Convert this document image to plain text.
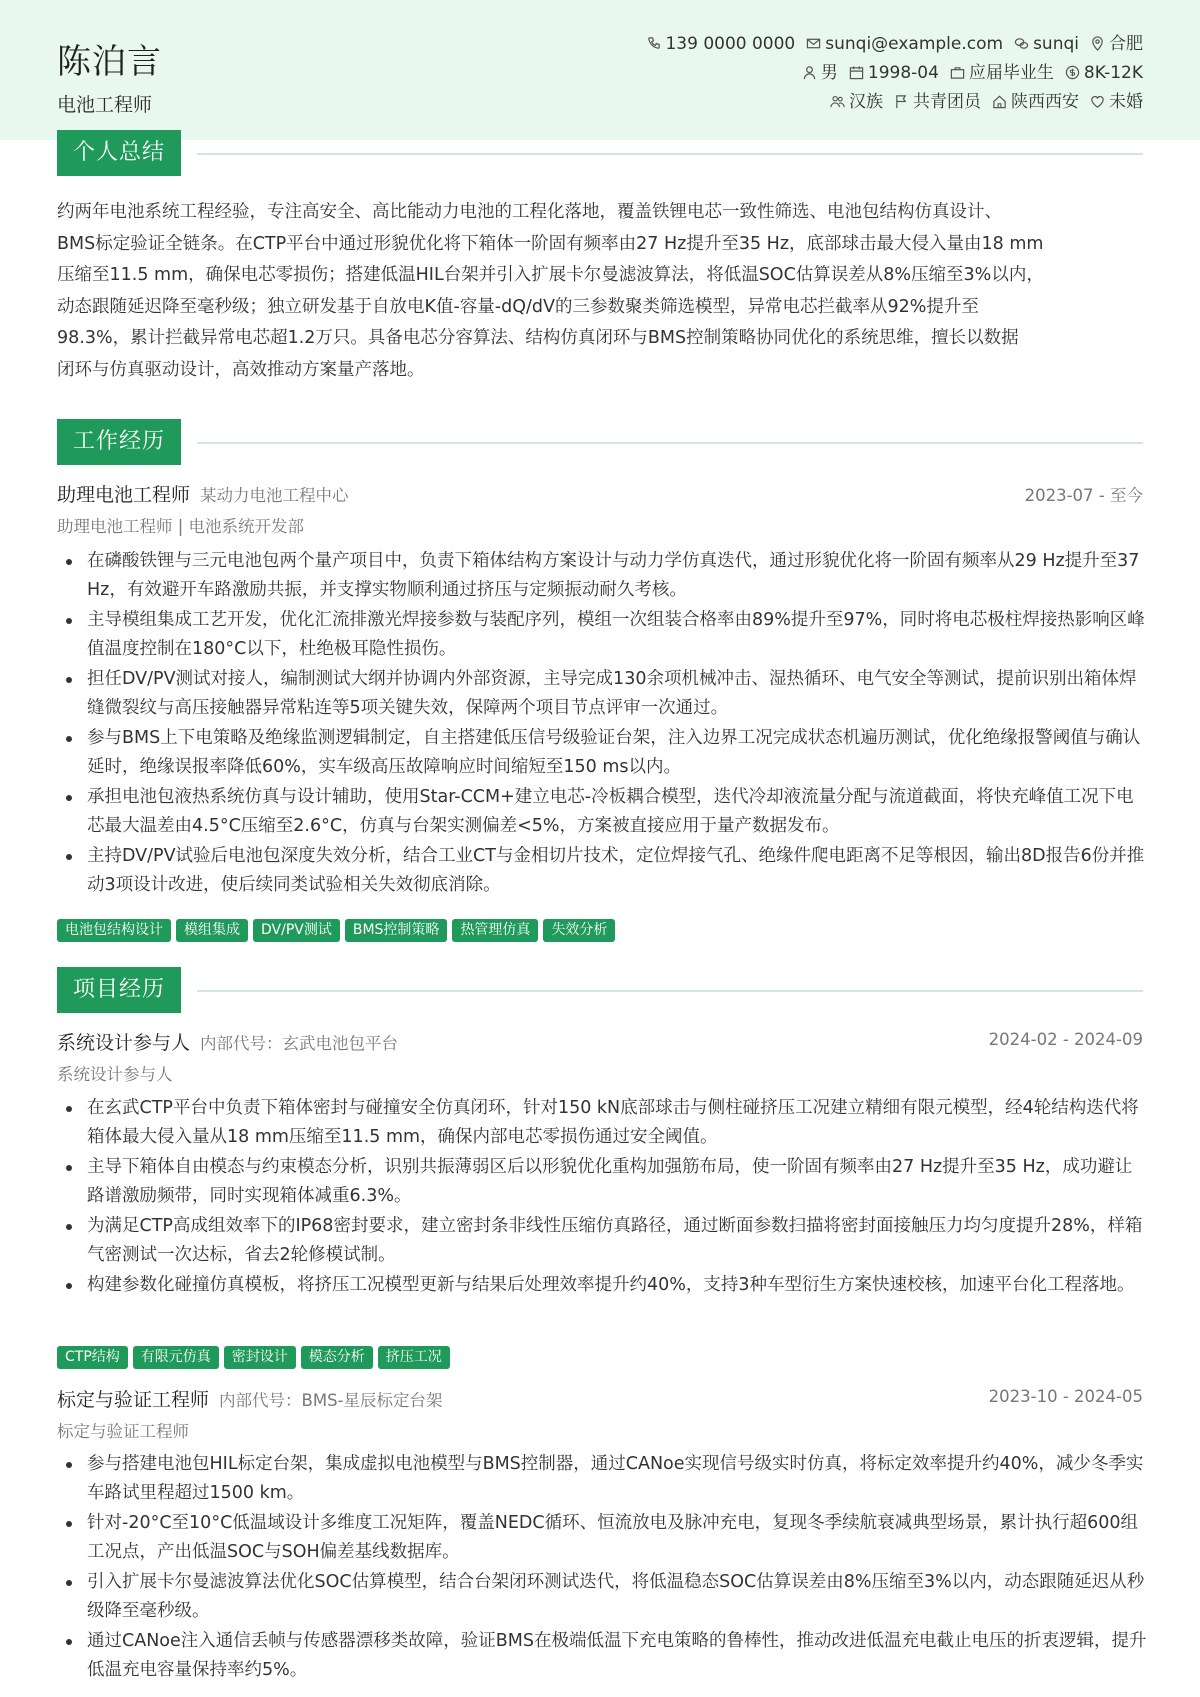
陈泊言
电池工程师
139 0000 0000 sunqi@example.com sunqi 合肥
男 1998-04 应届毕业生 8K-12K
汉族 共青团员 陕西西安 未婚
个人总结
约两年电池系统工程经验，专注高安全、高比能动力电池的工程化落地，覆盖铁锂电芯一致性筛选、电池包结构仿真设计、
BMS标定验证全链条。在CTP平台中通过形貌优化将下箱体一阶固有频率由27 Hz提升至35 Hz，底部球击最大侵入量由18 mm
压缩至11.5 mm，确保电芯零损伤；搭建低温HIL台架并引入扩展卡尔曼滤波算法，将低温SOC估算误差从8%压缩至3%以内，
动态跟随延迟降至毫秒级；独立研发基于自放电K值-容量-dQ/dV的三参数聚类筛选模型，异常电芯拦截率从92%提升至
98.3%，累计拦截异常电芯超1.2万只。具备电芯分容算法、结构仿真闭环与BMS控制策略协同优化的系统思维，擅长以数据
闭环与仿真驱动设计，高效推动方案量产落地。
工作经历
助理电池工程师 某动力电池工程中心	2023-07 - 至今
助理电池工程师 | 电池系统开发部
在磷酸铁锂与三元电池包两个量产项目中，负责下箱体结构方案设计与动力学仿真迭代，通过形貌优化将一阶固有频率从29 Hz提升至37 Hz，有效避开车路激励共振，并支撑实物顺利通过挤压与定频振动耐久考核。
主导模组集成工艺开发，优化汇流排激光焊接参数与装配序列，模组一次组装合格率由89%提升至97%，同时将电芯极柱焊接热影响区峰值温度控制在180°C以下，杜绝极耳隐性损伤。
担任DV/PV测试对接人，编制测试大纲并协调内外部资源，主导完成130余项机械冲击、湿热循环、电气安全等测试，提前识别出箱体焊缝微裂纹与高压接触器异常粘连等5项关键失效，保障两个项目节点评审一次通过。
参与BMS上下电策略及绝缘监测逻辑制定，自主搭建低压信号级验证台架，注入边界工况完成状态机遍历测试，优化绝缘报警阈值与确认延时，绝缘误报率降低60%，实车级高压故障响应时间缩短至150 ms以内。
承担电池包液热系统仿真与设计辅助，使用Star-CCM+建立电芯-冷板耦合模型，迭代冷却液流量分配与流道截面，将快充峰值工况下电芯最大温差由4.5°C压缩至2.6°C，仿真与台架实测偏差<5%，方案被直接应用于量产数据发布。
主持DV/PV试验后电池包深度失效分析，结合工业CT与金相切片技术，定位焊接气孔、绝缘件爬电距离不足等根因，输出8D报告6份并推动3项设计改进，使后续同类试验相关失效彻底消除。
电池包结构设计 模组集成 DV/PV测试 BMS控制策略 热管理仿真 失效分析
项目经历
系统设计参与人 内部代号：玄武电池包平台	2024-02 - 2024-09
系统设计参与人
在玄武CTP平台中负责下箱体密封与碰撞安全仿真闭环，针对150 kN底部球击与侧柱碰挤压工况建立精细有限元模型，经4轮结构迭代将箱体最大侵入量从18 mm压缩至11.5 mm，确保内部电芯零损伤通过安全阈值。
主导下箱体自由模态与约束模态分析，识别共振薄弱区后以形貌优化重构加强筋布局，使一阶固有频率由27 Hz提升至35 Hz，成功避让路谱激励频带，同时实现箱体减重6.3%。
为满足CTP高成组效率下的IP68密封要求，建立密封条非线性压缩仿真路径，通过断面参数扫描将密封面接触压力均匀度提升28%，样箱气密测试一次达标，省去2轮修模试制。
构建参数化碰撞仿真模板，将挤压工况模型更新与结果后处理效率提升约40%，支持3种车型衍生方案快速校核，加速平台化工程落地。
CTP结构 有限元仿真 密封设计 模态分析 挤压工况
标定与验证工程师 内部代号：BMS-星辰标定台架	2023-10 - 2024-05
标定与验证工程师
参与搭建电池包HIL标定台架，集成虚拟电池模型与BMS控制器，通过CANoe实现信号级实时仿真，将标定效率提升约40%，减少冬季实车路试里程超过1500 km。
针对-20°C至10°C低温域设计多维度工况矩阵，覆盖NEDC循环、恒流放电及脉冲充电，复现冬季续航衰减典型场景，累计执行超600组工况点，产出低温SOC与SOH偏差基线数据库。
引入扩展卡尔曼滤波算法优化SOC估算模型，结合台架闭环测试迭代，将低温稳态SOC估算误差由8%压缩至3%以内，动态跟随延迟从秒级降至毫秒级。
通过CANoe注入通信丢帧与传感器漂移类故障，验证BMS在极端低温下充电策略的鲁棒性，推动改进低温充电截止电压的折衷逻辑，提升低温充电容量保持率约5%。
